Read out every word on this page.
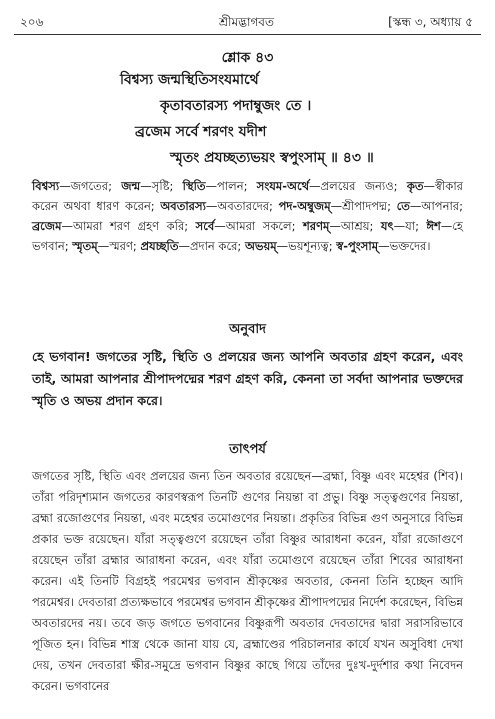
২০৬	শ্রীমদ্ভাগবত	[স্কন্ধ ৩, অধ্যায় ৫
শ্লোক ৪৩
বিশ্বস্য জন্মস্থিতিসংযমার্থে
কৃতাবতারস্য পদাম্বুজং তে ।
ব্রজেম সর্বে শরণং যদীশ
স্মৃতং প্রযচ্ছত্যভয়ং স্বপুংসাম্‌ ॥ ৪৩ ॥
বিশ্বস্য—জগতের; জন্ম—সৃষ্টি; স্থিতি—পালন; সংযম-অর্থে—প্রলয়ের জন্যও; কৃত—স্বীকার করেন অথবা ধারণ করেন; অবতারস্য—অবতারদের; পদ-অম্বুজম্‌—শ্রীপাদপদ্ম; তে—আপনার; ব্রজেম—আমরা শরণ গ্রহণ করি; সর্বে—আমরা সকলে; শরণম্‌—আশ্রয়; যৎ—যা; ঈশ—হে ভগবান; স্মৃতম্‌—স্মরণ; প্রযচ্ছতি—প্রদান করে; অভয়ম্‌—ভয়শূন্যত্ব; স্ব-পুংসাম্‌—ভক্তদের।
অনুবাদ
হে ভগবান! জগতের সৃষ্টি, স্থিতি ও প্রলয়ের জন্য আপনি অবতার গ্রহণ করেন, এবং তাই, আমরা আপনার শ্রীপাদপদ্মের শরণ গ্রহণ করি, কেননা তা সর্বদা আপনার ভক্তদের স্মৃতি ও অভয় প্রদান করে।
তাৎপর্য
জগতের সৃষ্টি, স্থিতি এবং প্রলয়ের জন্য তিন অবতার রয়েছেন—ব্রহ্মা, বিষ্ণু এবং মহেশ্বর (শিব)। তাঁরা পরিদৃশ্যমান জগতের কারণস্বরূপ তিনটি গুণের নিয়ন্তা বা প্রভু। বিষ্ণু সত্ত্বগুণের নিয়ন্তা, ব্রহ্মা রজোগুণের নিয়ন্তা, এবং মহেশ্বর তমোগুণের নিয়ন্তা। প্রকৃতির বিভিন্ন গুণ অনুসারে বিভিন্ন প্রকার ভক্ত রয়েছেন। যাঁরা সত্ত্বগুণে রয়েছেন তাঁরা বিষ্ণুর আরাধনা করেন, যাঁরা রজোগুণে রয়েছেন তাঁরা ব্রহ্মার আরাধনা করেন, এবং যাঁরা তমোগুণে রয়েছেন তাঁরা শিবের আরাধনা করেন। এই তিনটি বিগ্রহই পরমেশ্বর ভগবান শ্রীকৃষ্ণের অবতার, কেননা তিনি হচ্ছেন আদি পরমেশ্বর। দেবতারা প্রত্যক্ষভাবে পরমেশ্বর ভগবান শ্রীকৃষ্ণের শ্রীপাদপদ্মের নির্দেশ করেছেন, বিভিন্ন অবতারদের নয়। তবে জড় জগতে ভগবানের বিষ্ণুরূপী অবতার দেবতাদের দ্বারা সরাসরিভাবে পূজিত হন। বিভিন্ন শাস্ত্র থেকে জানা যায় যে, ব্রহ্মাণ্ডের পরিচালনার কার্যে যখন অসুবিধা দেখা দেয়, তখন দেবতারা ক্ষীর-সমুদ্রে ভগবান বিষ্ণুর কাছে গিয়ে তাঁদের দুঃখ-দুর্দশার কথা নিবেদন করেন। ভগবানের
